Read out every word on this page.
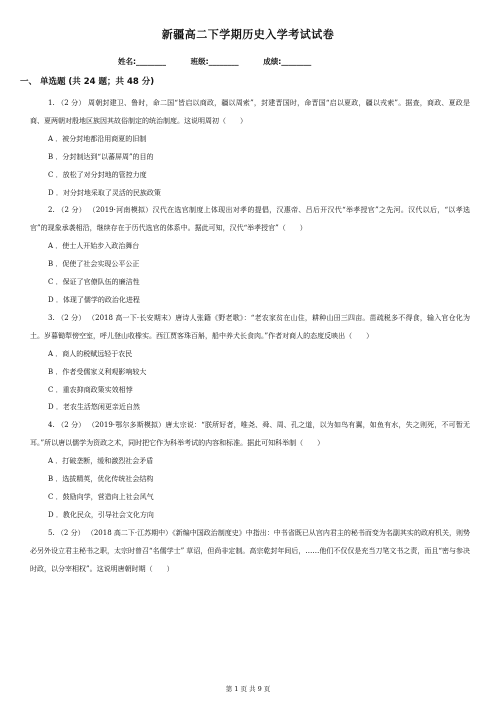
新疆高二下学期历史入学考试试卷
姓名:________	班级:________	成绩:________
一、 单选题 (共 24 题；共 48 分)

1. （2 分） 周朝封建卫、鲁时，命二国“皆启以商政，疆以周索”，封建晋国时，命晋国“启以夏政，疆以戎索”。据查，商政、夏政是商、夏两朝对殷地区族因其故俗制定的统治制度。这说明周初（　　）

A ．被分封地都沿用商夏的旧制

B ．分封制达到“以蕃屏周”的目的

C ．放松了对分封地的管控力度

D ．对分封地采取了灵活的民族政策

2. （2 分） （2019·河南模拟）汉代在选官制度上体现出对孝的提倡，汉惠帝、吕后开汉代“举孝授官”之先河。汉代以后，“以孝选官”的现象承袭相沿，继续存在于历代选官的体系中。据此可知，汉代“举孝授官”（　　）

A ．使士人开始步入政治舞台

B ．促使了社会实现公平公正

C ．保证了官僚队伍的廉洁性

D ．体现了儒学的政治化进程

3. （2 分） （2018 高一下·长安期末）唐诗人张籍《野老歌》：“老农家贫在山住，耕种山田三四亩。苗疏税多不得食，输入官仓化为土。岁暮锄犁傍空室，呼儿登山收橡实。西江贾客珠百斛，船中养犬长食肉。”作者对商人的态度反映出（　　）

A ．商人的税赋远轻于农民

B ．作者受儒家义利观影响较大

C ．重农抑商政策实效相悖

D ．老农生活悠闲更亲近自然

4. （2 分） （2019·鄂尔多斯模拟）唐太宗说：“朕所好者，唯尧、舜、周、孔之道，以为如鸟有翼，如鱼有水，失之则死，不可暂无耳。”所以唐以儒学为资政之术，同时把它作为科举考试的内容和标准。据此可知科举制（　　）

A ．打破垄断，缓和激烈社会矛盾

B ．选拔精英，优化传统社会结构

C ．鼓励向学，营造向上社会风气

D ．教化民众，引导社会文化方向

5. （2 分） （2018 高二下·江苏期中）《新编中国政治制度史》中指出：中书省既已从宫内君主的秘书而变为名副其实的政府机关，则势必另外设立君主秘书之职，太宗时曾召“名儒学士” 草诏，但尚非定制。高宗乾封年间后，……他们不仅仅是充当刀笔文书之责，而且“密与参决时政，以分宰相权”。这说明唐朝时期（　　）

第 1 页 共 9 页
